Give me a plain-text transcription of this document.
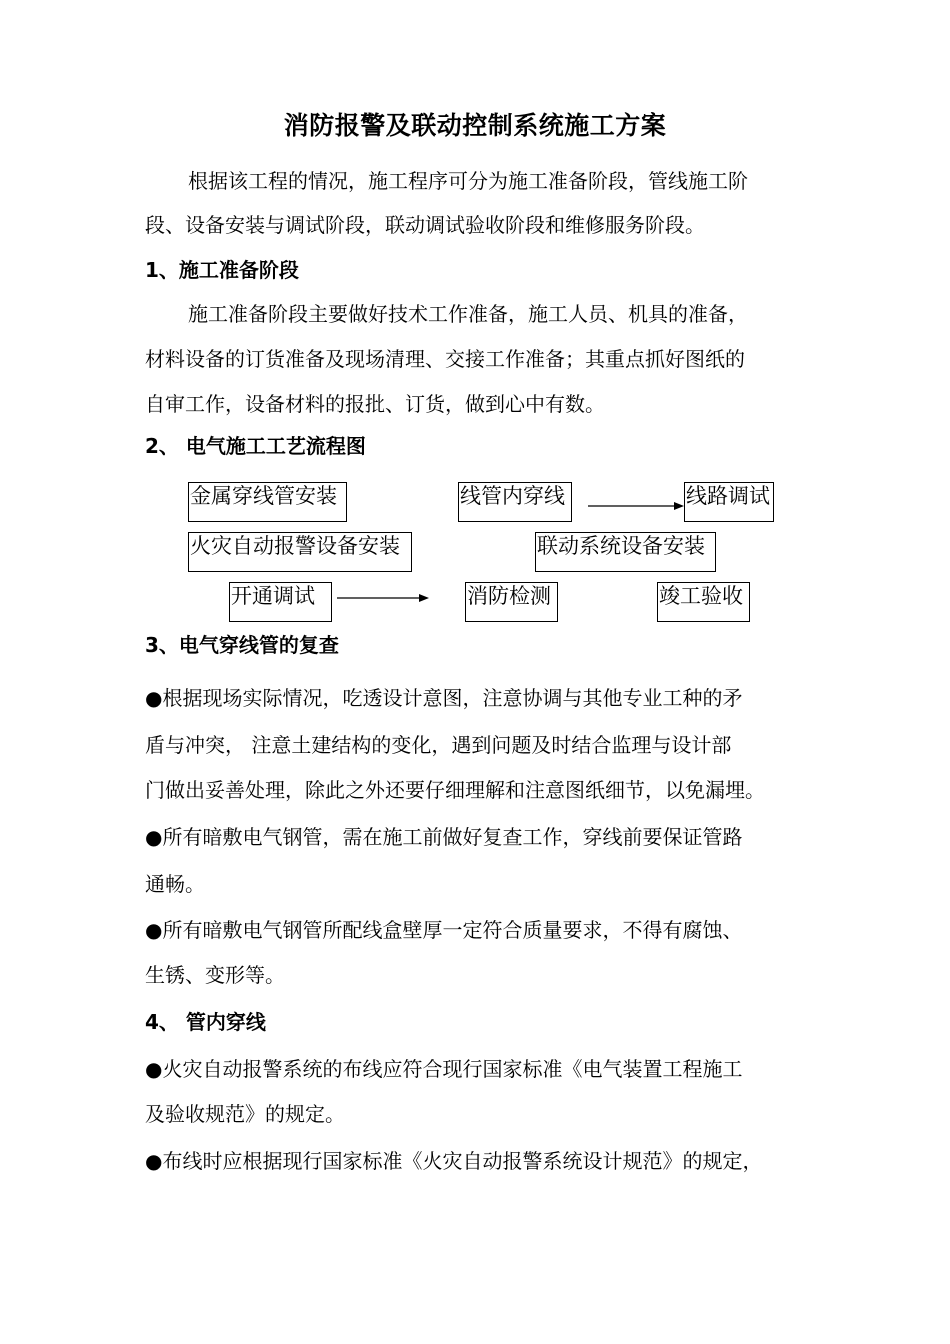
消防报警及联动控制系统施工方案
根据该工程的情况，施工程序可分为施工准备阶段，管线施工阶
段、设备安装与调试阶段，联动调试验收阶段和维修服务阶段。
1、施工准备阶段
施工准备阶段主要做好技术工作准备，施工人员、机具的准备，
材料设备的订货准备及现场清理、交接工作准备；其重点抓好图纸的
自审工作，设备材料的报批、订货，做到心中有数。
2、 电气施工工艺流程图
金属穿线管安装	线管内穿线	线路调试
火灾自动报警设备安装	联动系统设备安装
开通调试	消防检测	竣工验收
3、电气穿线管的复查
●根据现场实际情况，吃透设计意图，注意协调与其他专业工种的矛
盾与冲突， 注意土建结构的变化，遇到问题及时结合监理与设计部
门做出妥善处理，除此之外还要仔细理解和注意图纸细节，以免漏埋。
●所有暗敷电气钢管，需在施工前做好复查工作，穿线前要保证管路
通畅。
●所有暗敷电气钢管所配线盒壁厚一定符合质量要求，不得有腐蚀、
生锈、变形等。
4、 管内穿线
●火灾自动报警系统的布线应符合现行国家标准《电气装置工程施工
及验收规范》的规定。
●布线时应根据现行国家标准《火灾自动报警系统设计规范》的规定，
